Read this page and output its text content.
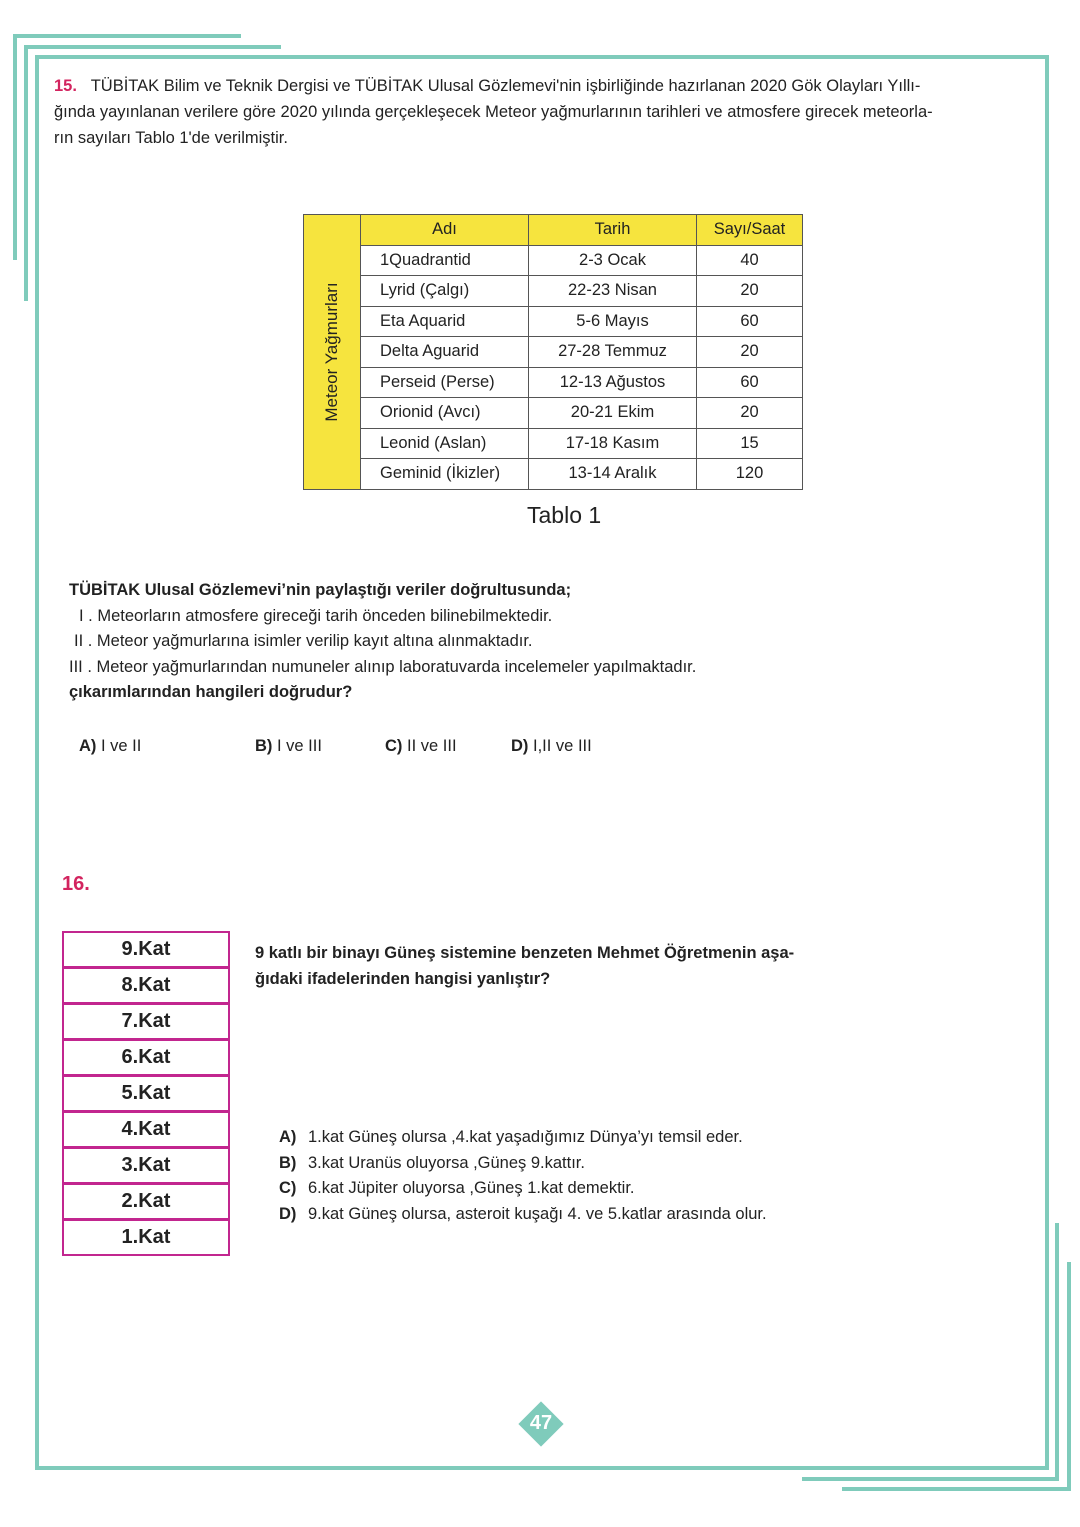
15. TÜBİTAK Bilim ve Teknik Dergisi ve TÜBİTAK Ulusal Gözlemevi'nin işbirliğinde hazırlanan 2020 Gök Olayları Yıllı-
ğında yayınlanan verilere göre 2020 yılında gerçekleşecek Meteor yağmurlarının tarihleri ve atmosfere girecek meteorla-
rın sayıları Tablo 1'de verilmiştir.
Meteor Yağmurları	Adı	Tarih	Sayı/Saat
	1Quadrantid	2-3 Ocak	40
	Lyrid (Çalgı)	22-23 Nisan	20
	Eta Aquarid	5-6 Mayıs	60
	Delta Aguarid	27-28 Temmuz	20
	Perseid (Perse)	12-13 Ağustos	60
	Orionid (Avcı)	20-21 Ekim	20
	Leonid (Aslan)	17-18 Kasım	15
	Geminid (İkizler)	13-14 Aralık	120
Tablo 1
TÜBİTAK Ulusal Gözlemevi’nin paylaştığı veriler doğrultusunda;
I . Meteorların atmosfere gireceği tarih önceden bilinebilmektedir.
II . Meteor yağmurlarına isimler verilip kayıt altına alınmaktadır.
III . Meteor yağmurlarından numuneler alınıp laboratuvarda incelemeler yapılmaktadır.
çıkarımlarından hangileri doğrudur?
A) I ve II	B) I ve III	C) II ve III	D) I,II ve III
16.
9.Kat
8.Kat
7.Kat
6.Kat
5.Kat
4.Kat
3.Kat
2.Kat
1.Kat
9 katlı bir binayı Güneş sistemine benzeten Mehmet Öğretmenin aşa-
ğıdaki ifadelerinden hangisi yanlıştır?
A) 1.kat Güneş olursa ,4.kat yaşadığımız Dünya’yı temsil eder.
B) 3.kat Uranüs oluyorsa ,Güneş 9.kattır.
C) 6.kat Jüpiter oluyorsa ,Güneş 1.kat demektir.
D) 9.kat Güneş olursa, asteroit kuşağı 4. ve 5.katlar arasında olur.
47
